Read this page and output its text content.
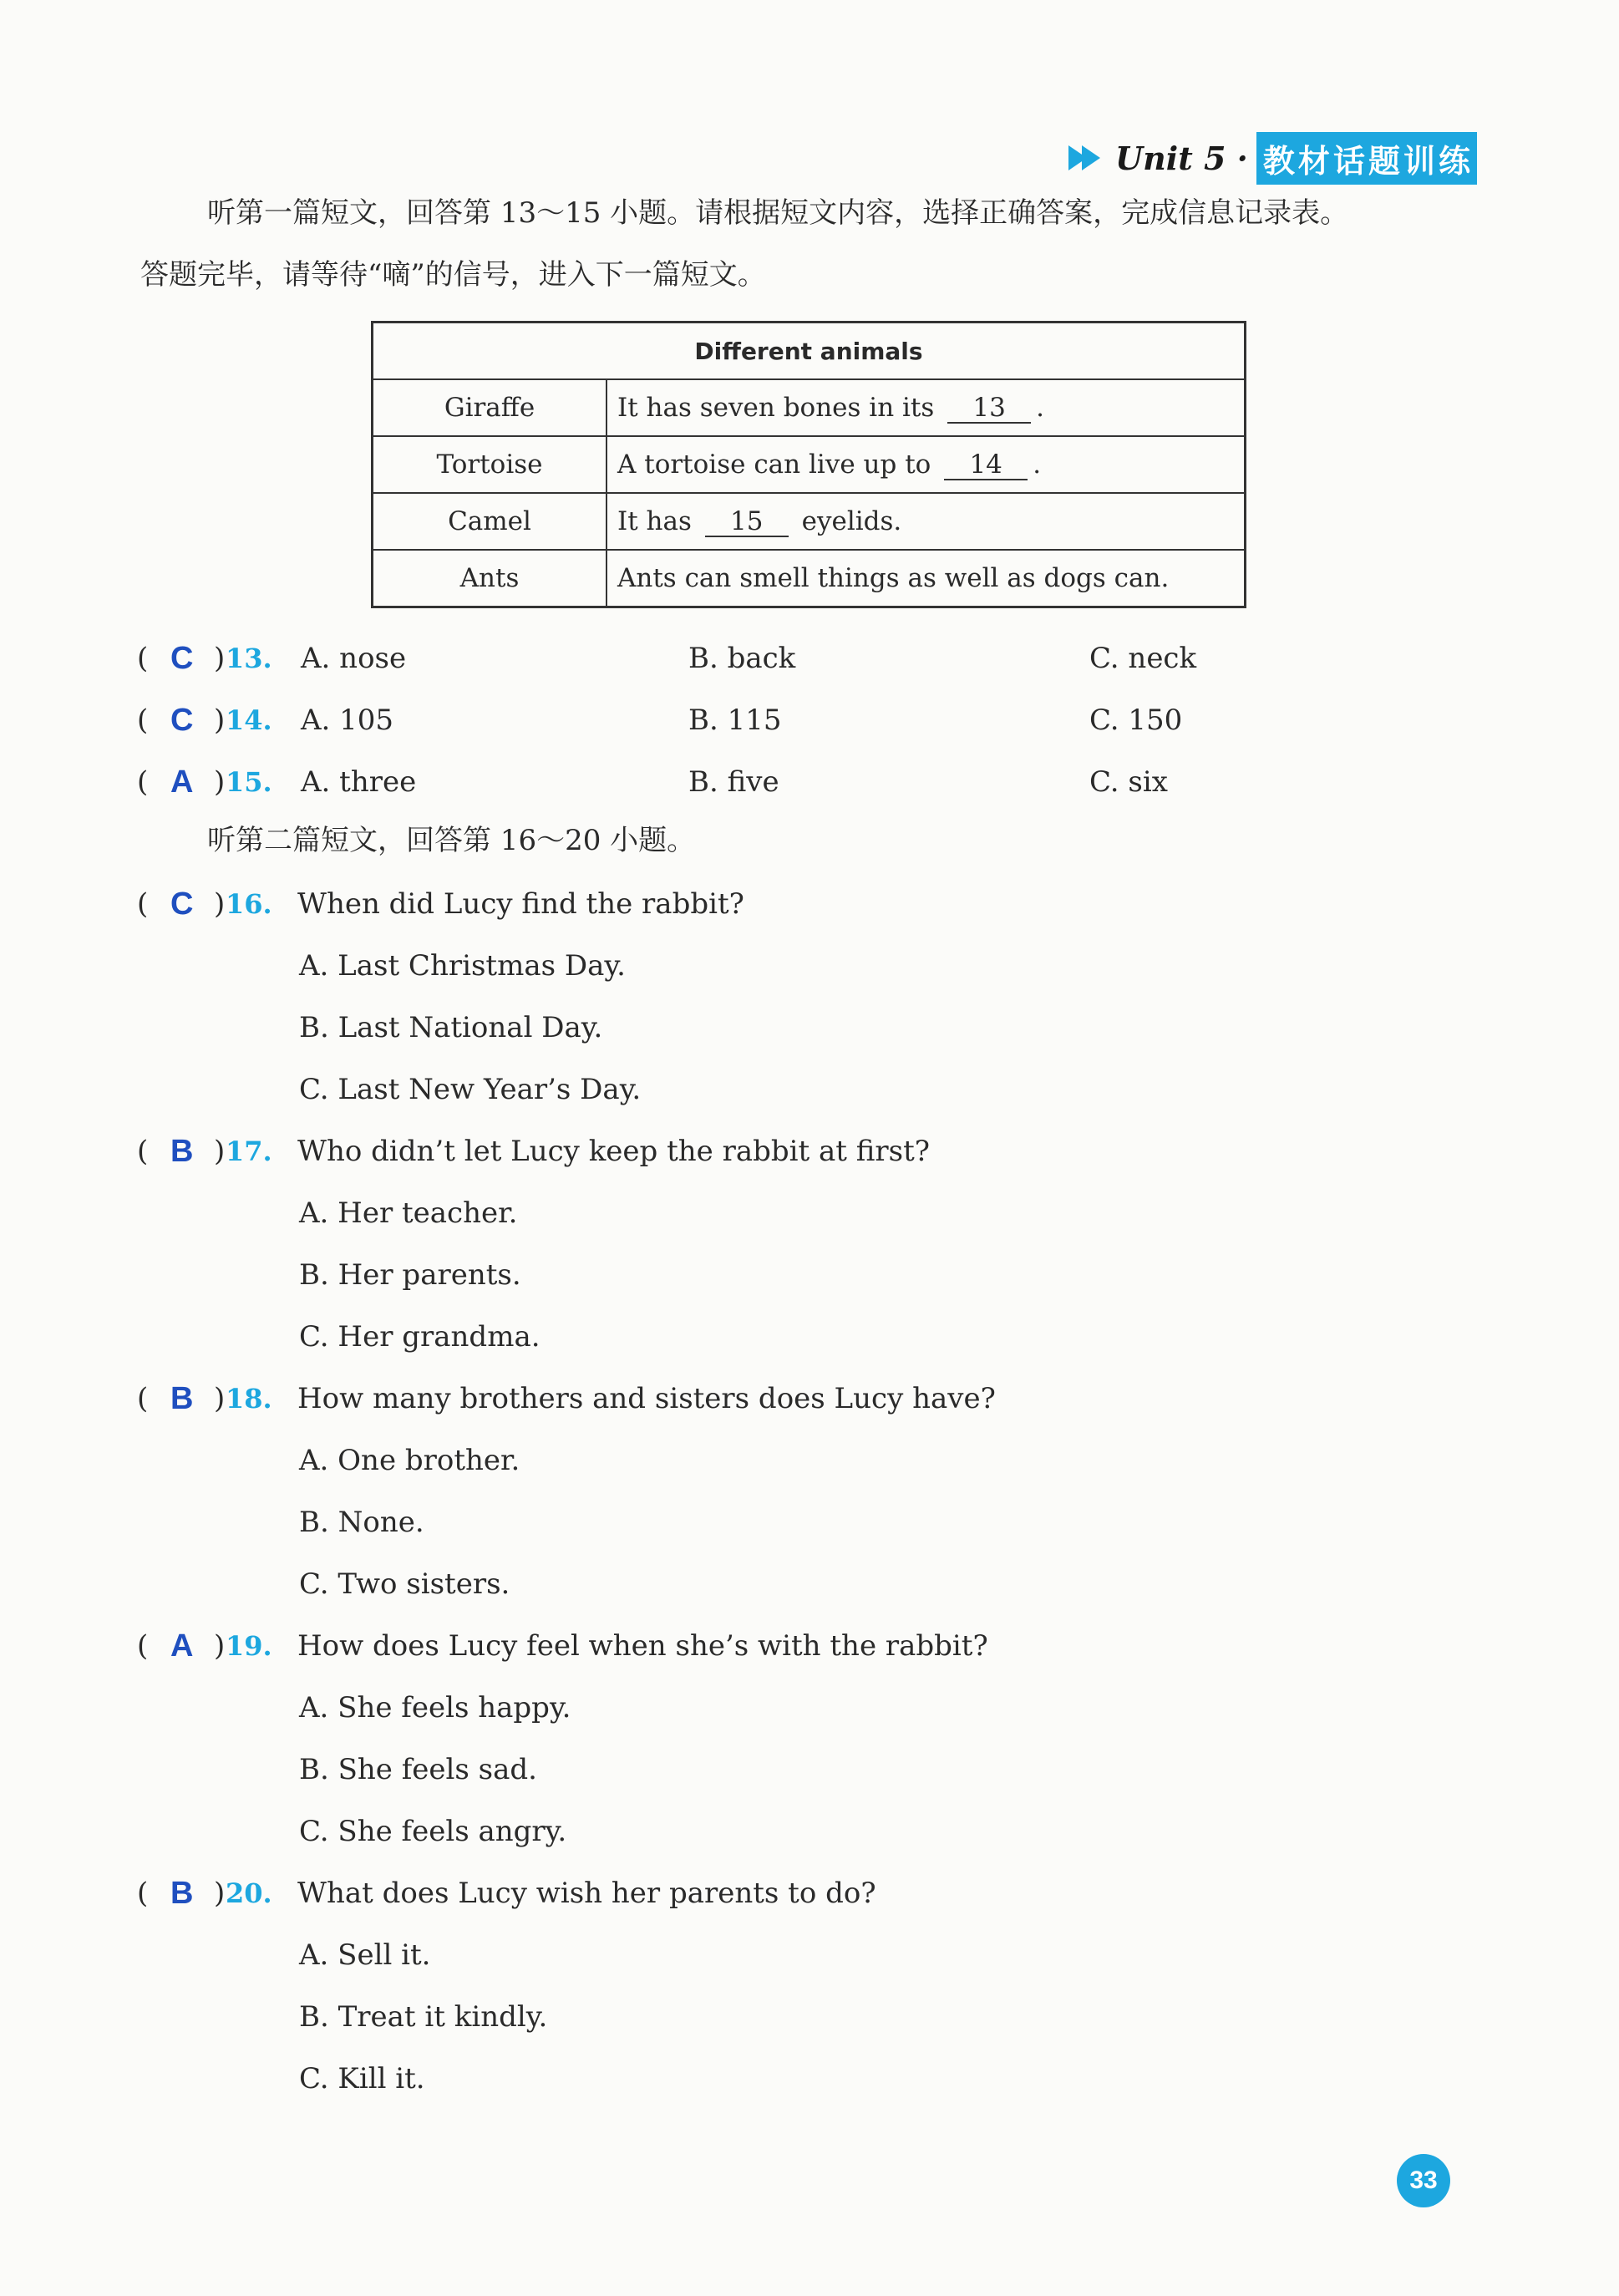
Unit 5 · 教 材 话 题 训 练
听第一篇短文，回答第 13～15 小题。请根据短文内容，选择正确答案，完成信息记录表。
答题完毕，请等待“嘀”的信号，进入下一篇短文。
Different animals	
Giraffe	It has seven bones in its 13 .
Tortoise	A tortoise can live up to 14 .
Camel	It has 15 eyelids.
Ants	Ants can smell things as well as dogs can.
( C ) 13. A. nose	B. back	C. neck
( C ) 14. A. 105	B. 115	C. 150
( A ) 15. A. three	B. five	C. six
听第二篇短文，回答第 16～20 小题。
( C ) 16. When did Lucy find the rabbit?
A. Last Christmas Day.
B. Last National Day.
C. Last New Year’s Day.
( B ) 17. Who didn’t let Lucy keep the rabbit at first?
A. Her teacher.
B. Her parents.
C. Her grandma.
( B ) 18. How many brothers and sisters does Lucy have?
A. One brother.
B. None.
C. Two sisters.
( A ) 19. How does Lucy feel when she’s with the rabbit?
A. She feels happy.
B. She feels sad.
C. She feels angry.
( B ) 20. What does Lucy wish her parents to do?
A. Sell it.
B. Treat it kindly.
C. Kill it.
33
